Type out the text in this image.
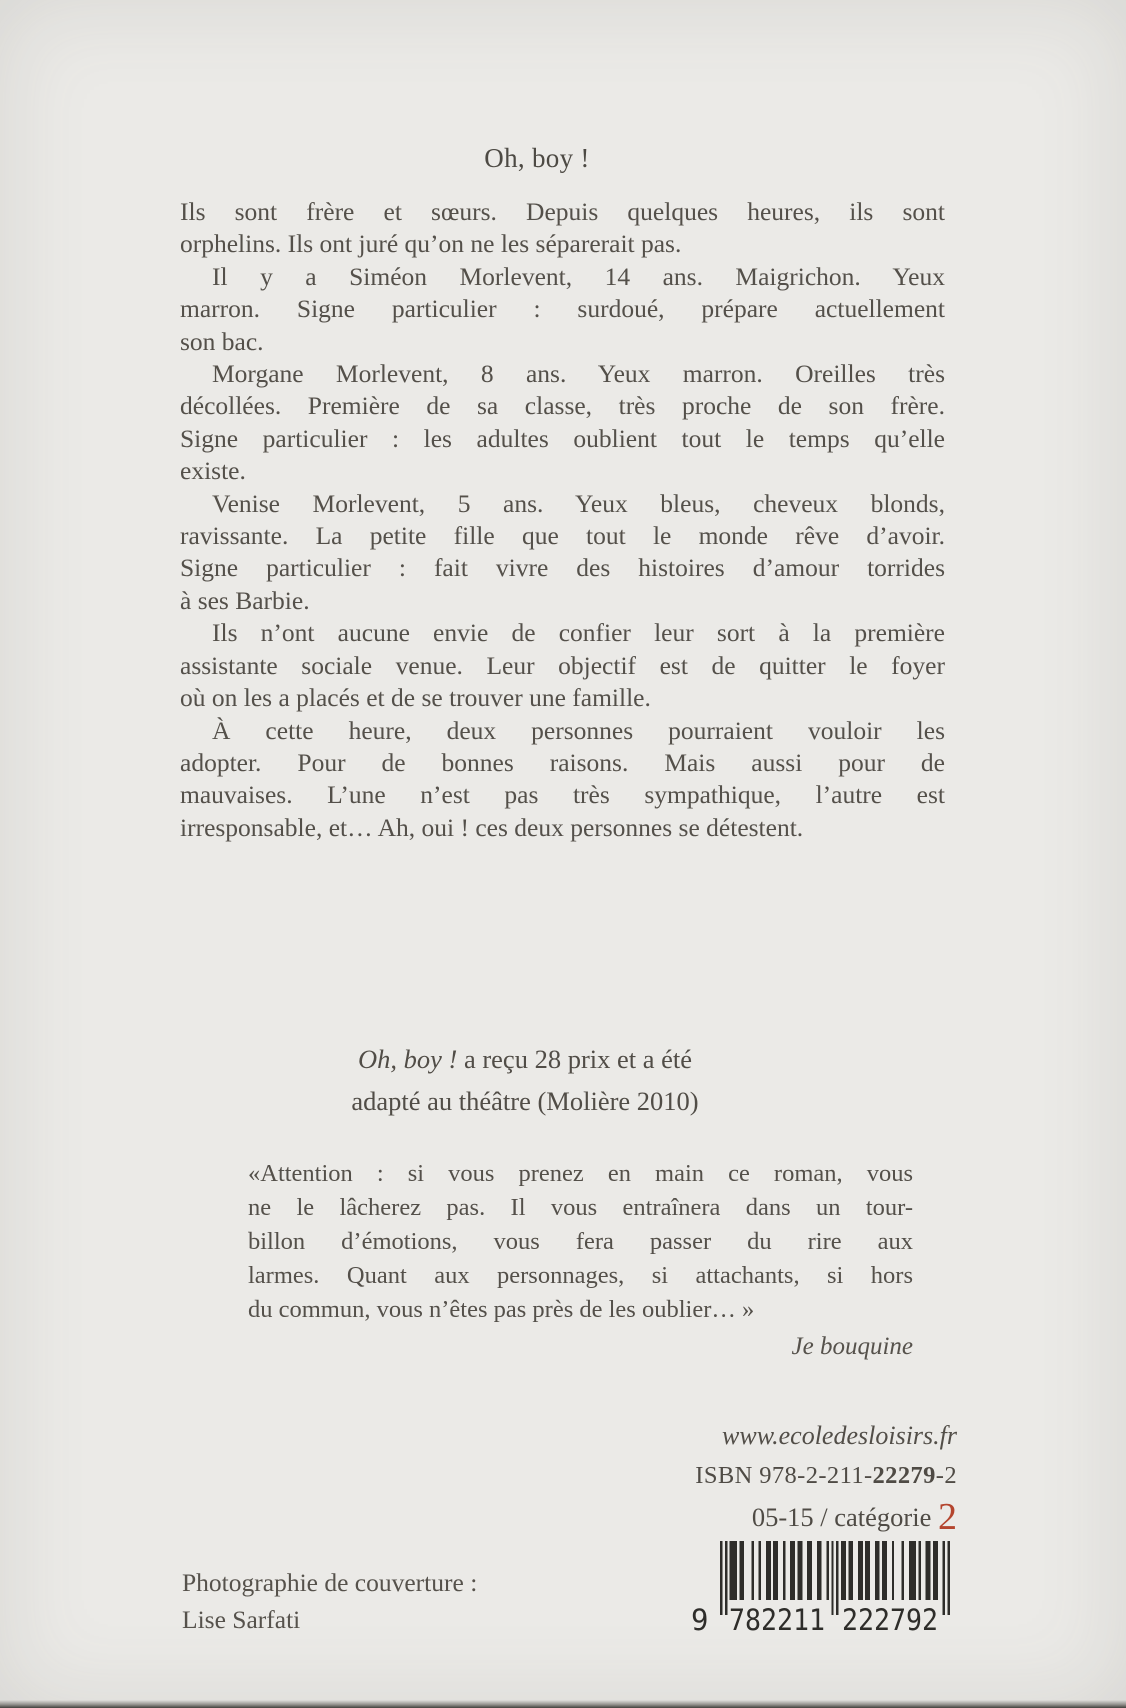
Oh, boy !
Ils sont frère et sœurs. Depuis quelques heures, ils sont
orphelins. Ils ont juré qu’on ne les séparerait pas.
Il y a Siméon Morlevent, 14 ans. Maigrichon. Yeux
marron. Signe particulier : surdoué, prépare actuellement
son bac.
Morgane Morlevent, 8 ans. Yeux marron. Oreilles très
décollées. Première de sa classe, très proche de son frère.
Signe particulier : les adultes oublient tout le temps qu’elle
existe.
Venise Morlevent, 5 ans. Yeux bleus, cheveux blonds,
ravissante. La petite fille que tout le monde rêve d’avoir.
Signe particulier : fait vivre des histoires d’amour torrides
à ses Barbie.
Ils n’ont aucune envie de confier leur sort à la première
assistante sociale venue. Leur objectif est de quitter le foyer
où on les a placés et de se trouver une famille.
À cette heure, deux personnes pourraient vouloir les
adopter. Pour de bonnes raisons. Mais aussi pour de
mauvaises. L’une n’est pas très sympathique, l’autre est
irresponsable, et… Ah, oui ! ces deux personnes se détestent.
Oh, boy ! a reçu 28 prix et a été
adapté au théâtre (Molière 2010)
«Attention : si vous prenez en main ce roman, vous
ne le lâcherez pas. Il vous entraînera dans un tour-
billon d’émotions, vous fera passer du rire aux
larmes. Quant aux personnages, si attachants, si hors
du commun, vous n’êtes pas près de les oublier… »
Je bouquine
www.ecoledesloisirs.fr
ISBN 978-2-211-22279-2
05-15 / catégorie 2
9 782211 222792
Photographie de couverture :
Lise Sarfati
